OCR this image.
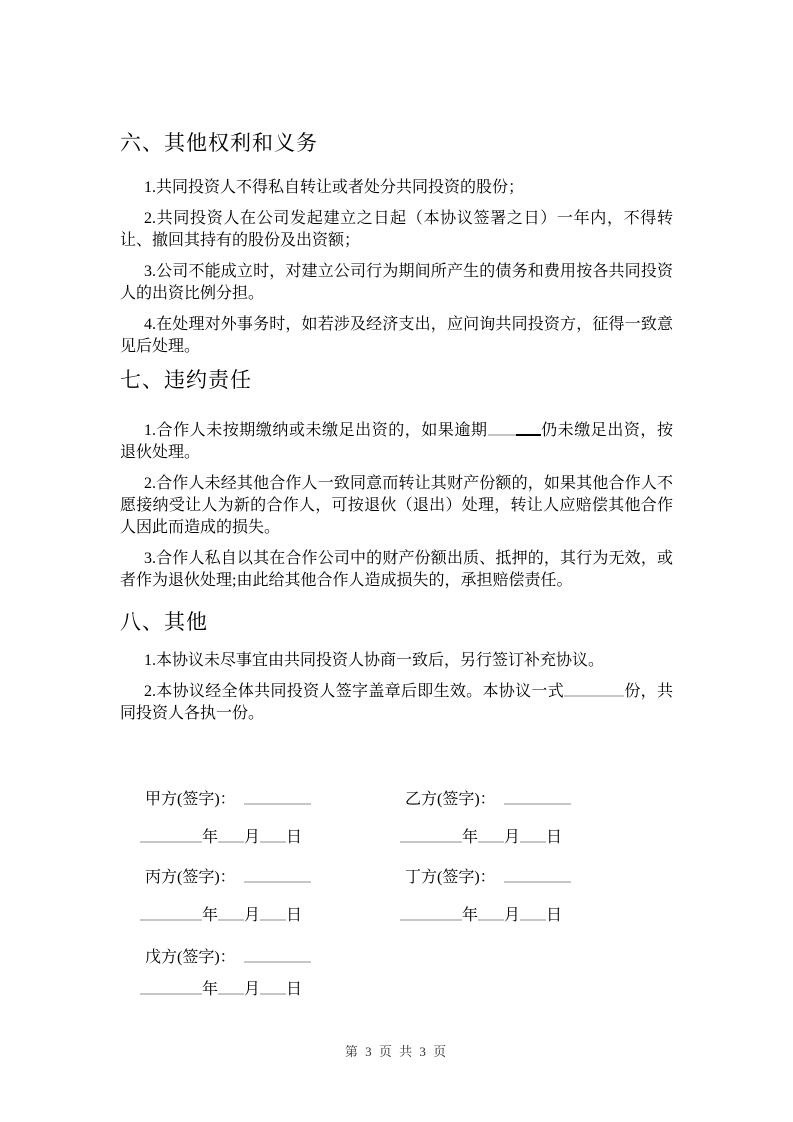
六、其他权利和义务

1.共同投资人不得私自转让或者处分共同投资的股份；

2.共同投资人在公司发起建立之日起（本协议签署之日）一年内，不得转让、撤回其持有的股份及出资额；

3.公司不能成立时，对建立公司行为期间所产生的债务和费用按各共同投资人的出资比例分担。

4.在处理对外事务时，如若涉及经济支出，应问询共同投资方，征得一致意见后处理。

七、违约责任

1.合作人未按期缴纳或未缴足出资的，如果逾期	仍未缴足出资，按退伙处理。

2.合作人未经其他合作人一致同意而转让其财产份额的，如果其他合作人不愿接纳受让人为新的合作人，可按退伙（退出）处理，转让人应赔偿其他合作人因此而造成的损失。

3.合作人私自以其在合作公司中的财产份额出质、抵押的，其行为无效，或者作为退伙处理;由此给其他合作人造成损失的，承担赔偿责任。

八、其他

1.本协议未尽事宜由共同投资人协商一致后，另行签订补充协议。

2.本协议经全体共同投资人签字盖章后即生效。本协议一式	份，共同投资人各执一份。

甲方(签字)：
年 月 日
乙方(签字)：
年 月 日
丙方(签字)：
年 月 日
丁方(签字)：
年 月 日
戊方(签字)：
年 月 日
第 3 页 共 3 页
